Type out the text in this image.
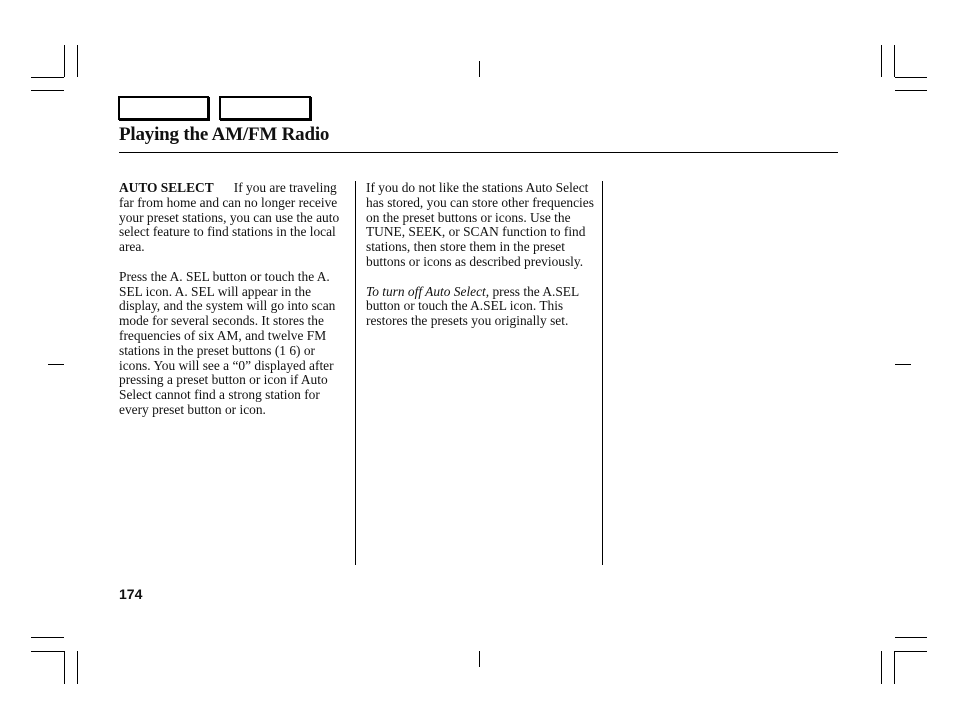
Playing the AM/FM Radio

AUTO SELECT If you are traveling far from home and can no longer receive your preset stations, you can use the auto select feature to find stations in the local area.

Press the A. SEL button or touch the A. SEL icon. A. SEL will appear in the display, and the system will go into scan mode for several seconds. It stores the frequencies of six AM, and twelve FM stations in the preset buttons (1 6) or icons. You will see a “0” displayed after pressing a preset button or icon if Auto Select cannot find a strong station for every preset button or icon.

If you do not like the stations Auto Select has stored, you can store other frequencies on the preset buttons or icons. Use the TUNE, SEEK, or SCAN function to find stations, then store them in the preset buttons or icons as described previously.

To turn off Auto Select, press the A.SEL button or touch the A.SEL icon. This restores the presets you originally set.

174
